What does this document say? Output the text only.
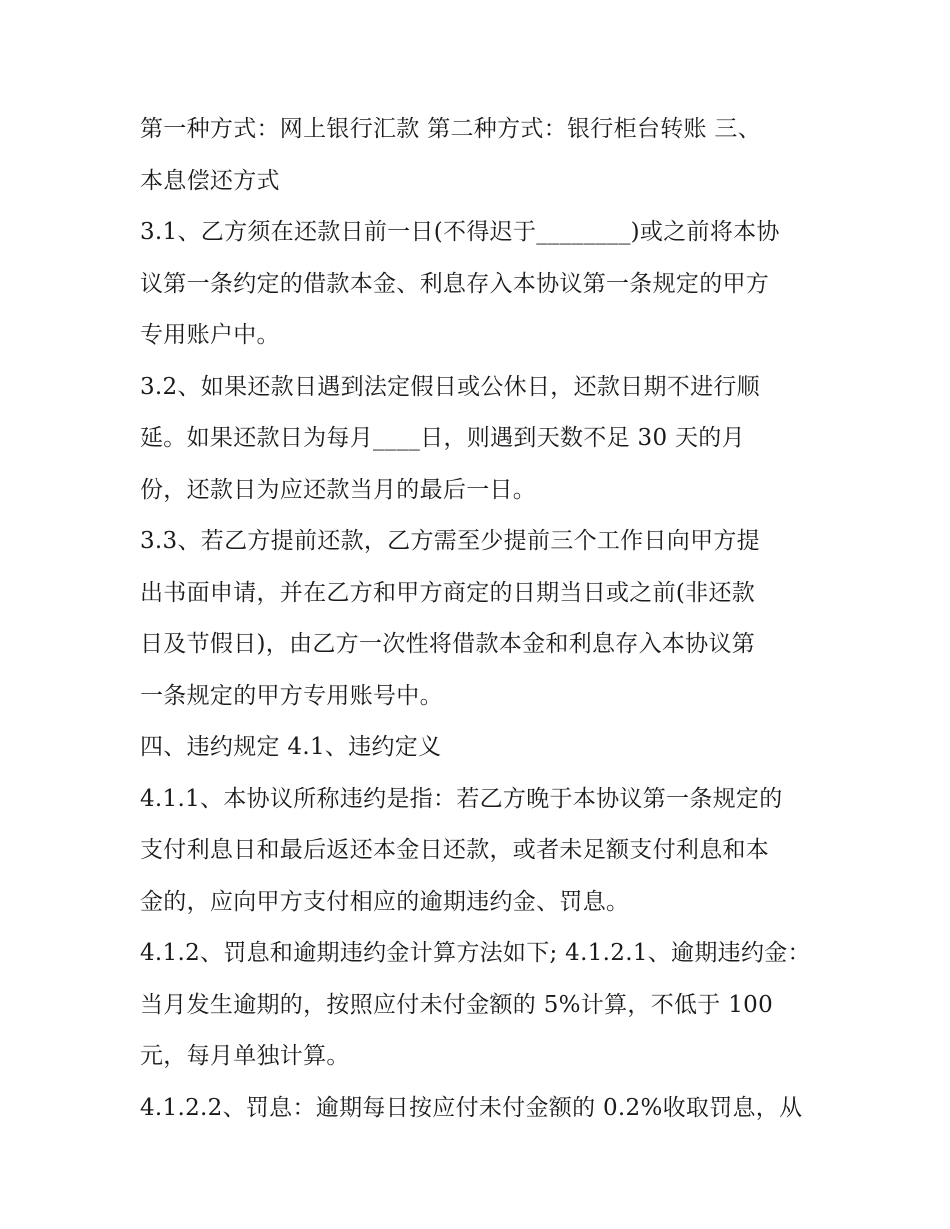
第一种方式：网上银行汇款 第二种方式：银行柜台转账 三、
本息偿还方式
3.1、乙方须在还款日前一日(不得迟于________)或之前将本协
议第一条约定的借款本金、利息存入本协议第一条规定的甲方
专用账户中。
3.2、如果还款日遇到法定假日或公休日，还款日期不进行顺
延。如果还款日为每月____日，则遇到天数不足 30 天的月
份，还款日为应还款当月的最后一日。
3.3、若乙方提前还款，乙方需至少提前三个工作日向甲方提
出书面申请，并在乙方和甲方商定的日期当日或之前(非还款
日及节假日)，由乙方一次性将借款本金和利息存入本协议第
一条规定的甲方专用账号中。
四、违约规定 4.1、违约定义
4.1.1、本协议所称违约是指：若乙方晚于本协议第一条规定的
支付利息日和最后返还本金日还款，或者未足额支付利息和本
金的，应向甲方支付相应的逾期违约金、罚息。
4.1.2、罚息和逾期违约金计算方法如下; 4.1.2.1、逾期违约金：
当月发生逾期的，按照应付未付金额的 5%计算，不低于 100
元，每月单独计算。
4.1.2.2、罚息：逾期每日按应付未付金额的 0.2%收取罚息，从
